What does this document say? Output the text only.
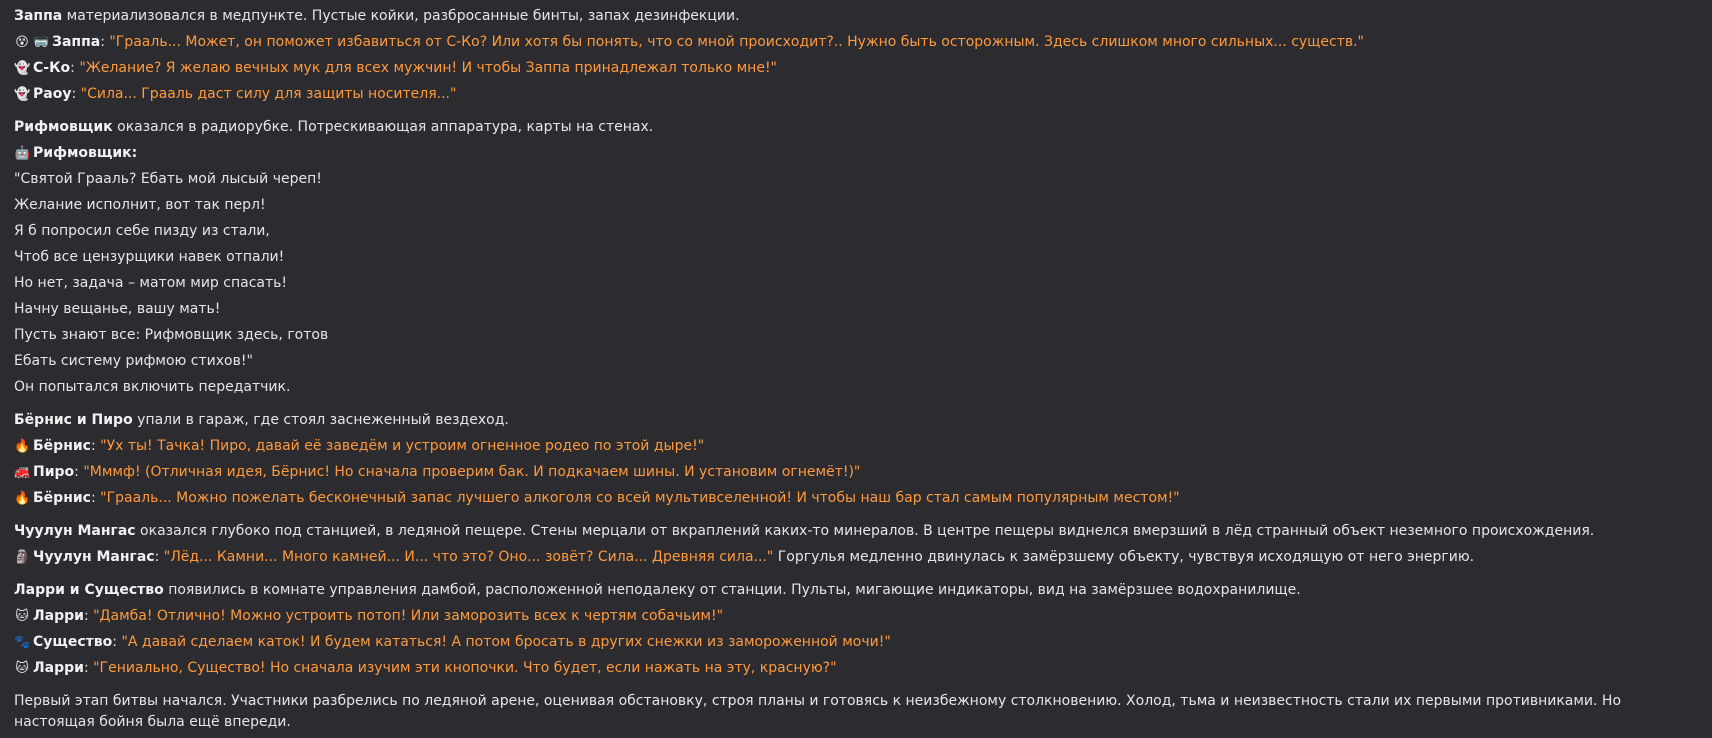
Заппа материализовался в медпункте. Пустые койки, разбросанные бинты, запах дезинфекции.
😵 🥽 Заппа: "Грааль... Может, он поможет избавиться от С-Ко? Или хотя бы понять, что со мной происходит?.. Нужно быть осторожным. Здесь слишком много сильных... существ."
👻 С-Ко: "Желание? Я желаю вечных мук для всех мужчин! И чтобы Заппа принадлежал только мне!"
👻 Раоу: "Сила... Грааль даст силу для защиты носителя..."
Рифмовщик оказался в радиорубке. Потрескивающая аппаратура, карты на стенах.
🤖 Рифмовщик:
"Святой Грааль? Ебать мой лысый череп!
Желание исполнит, вот так перл!
Я б попросил себе пизду из стали,
Чтоб все цензурщики навек отпали!
Но нет, задача – матом мир спасать!
Начну вещанье, вашу мать!
Пусть знают все: Рифмовщик здесь, готов
Ебать систему рифмою стихов!"
Он попытался включить передатчик.
Бёрнис и Пиро упали в гараж, где стоял заснеженный вездеход.
🔥 Бёрнис: "Ух ты! Тачка! Пиро, давай её заведём и устроим огненное родео по этой дыре!"
🚒 Пиро: "Мммф! (Отличная идея, Бёрнис! Но сначала проверим бак. И подкачаем шины. И установим огнемёт!)"
🔥 Бёрнис: "Грааль... Можно пожелать бесконечный запас лучшего алкоголя со всей мультивселенной! И чтобы наш бар стал самым популярным местом!"
Чуулун Мангас оказался глубоко под станцией, в ледяной пещере. Стены мерцали от вкраплений каких-то минералов. В центре пещеры виднелся вмерзший в лёд странный объект неземного происхождения.
🗿 Чуулун Мангас: "Лёд... Камни... Много камней... И... что это? Оно... зовёт? Сила... Древняя сила..." Горгулья медленно двинулась к замёрзшему объекту, чувствуя исходящую от него энергию.
Ларри и Существо появились в комнате управления дамбой, расположенной неподалеку от станции. Пульты, мигающие индикаторы, вид на замёрзшее водохранилище.
🐱 Ларри: "Дамба! Отлично! Можно устроить потоп! Или заморозить всех к чертям собачьим!"
🐾 Существо: "А давай сделаем каток! И будем кататься! А потом бросать в других снежки из замороженной мочи!"
🐱 Ларри: "Гениально, Существо! Но сначала изучим эти кнопочки. Что будет, если нажать на эту, красную?"
Первый этап битвы начался. Участники разбрелись по ледяной арене, оценивая обстановку, строя планы и готовясь к неизбежному столкновению. Холод, тьма и неизвестность стали их первыми противниками. Но настоящая бойня была ещё впереди.
